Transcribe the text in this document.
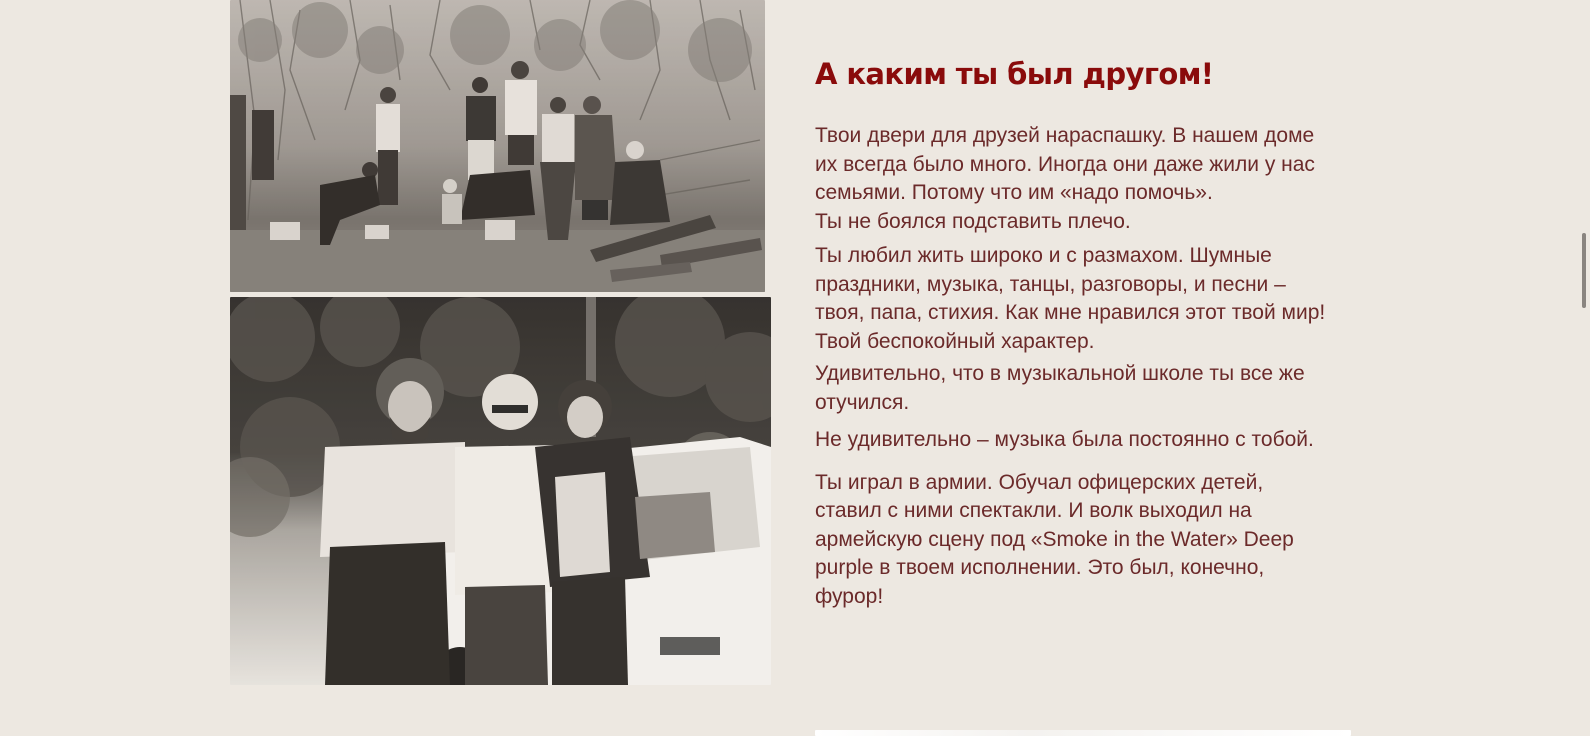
А каким ты был другом!

Твои двери для друзей нараспашку. В нашем доме
их всегда было много. Иногда они даже жили у нас
семьями. Потому что им «надо помочь».
Ты не боялся подставить плечо.

Ты любил жить широко и с размахом. Шумные
праздники, музыка, танцы, разговоры, и песни –
твоя, папа, стихия. Как мне нравился этот твой мир!
Твой беспокойный характер.

Удивительно, что в музыкальной школе ты все же
отучился.

Не удивительно – музыка была постоянно с тобой.

Ты играл в армии. Обучал офицерских детей,
ставил с ними спектакли. И волк выходил на
армейскую сцену под «Smoke in the Water» Deep
purple в твоем исполнении. Это был, конечно,
фурор!
